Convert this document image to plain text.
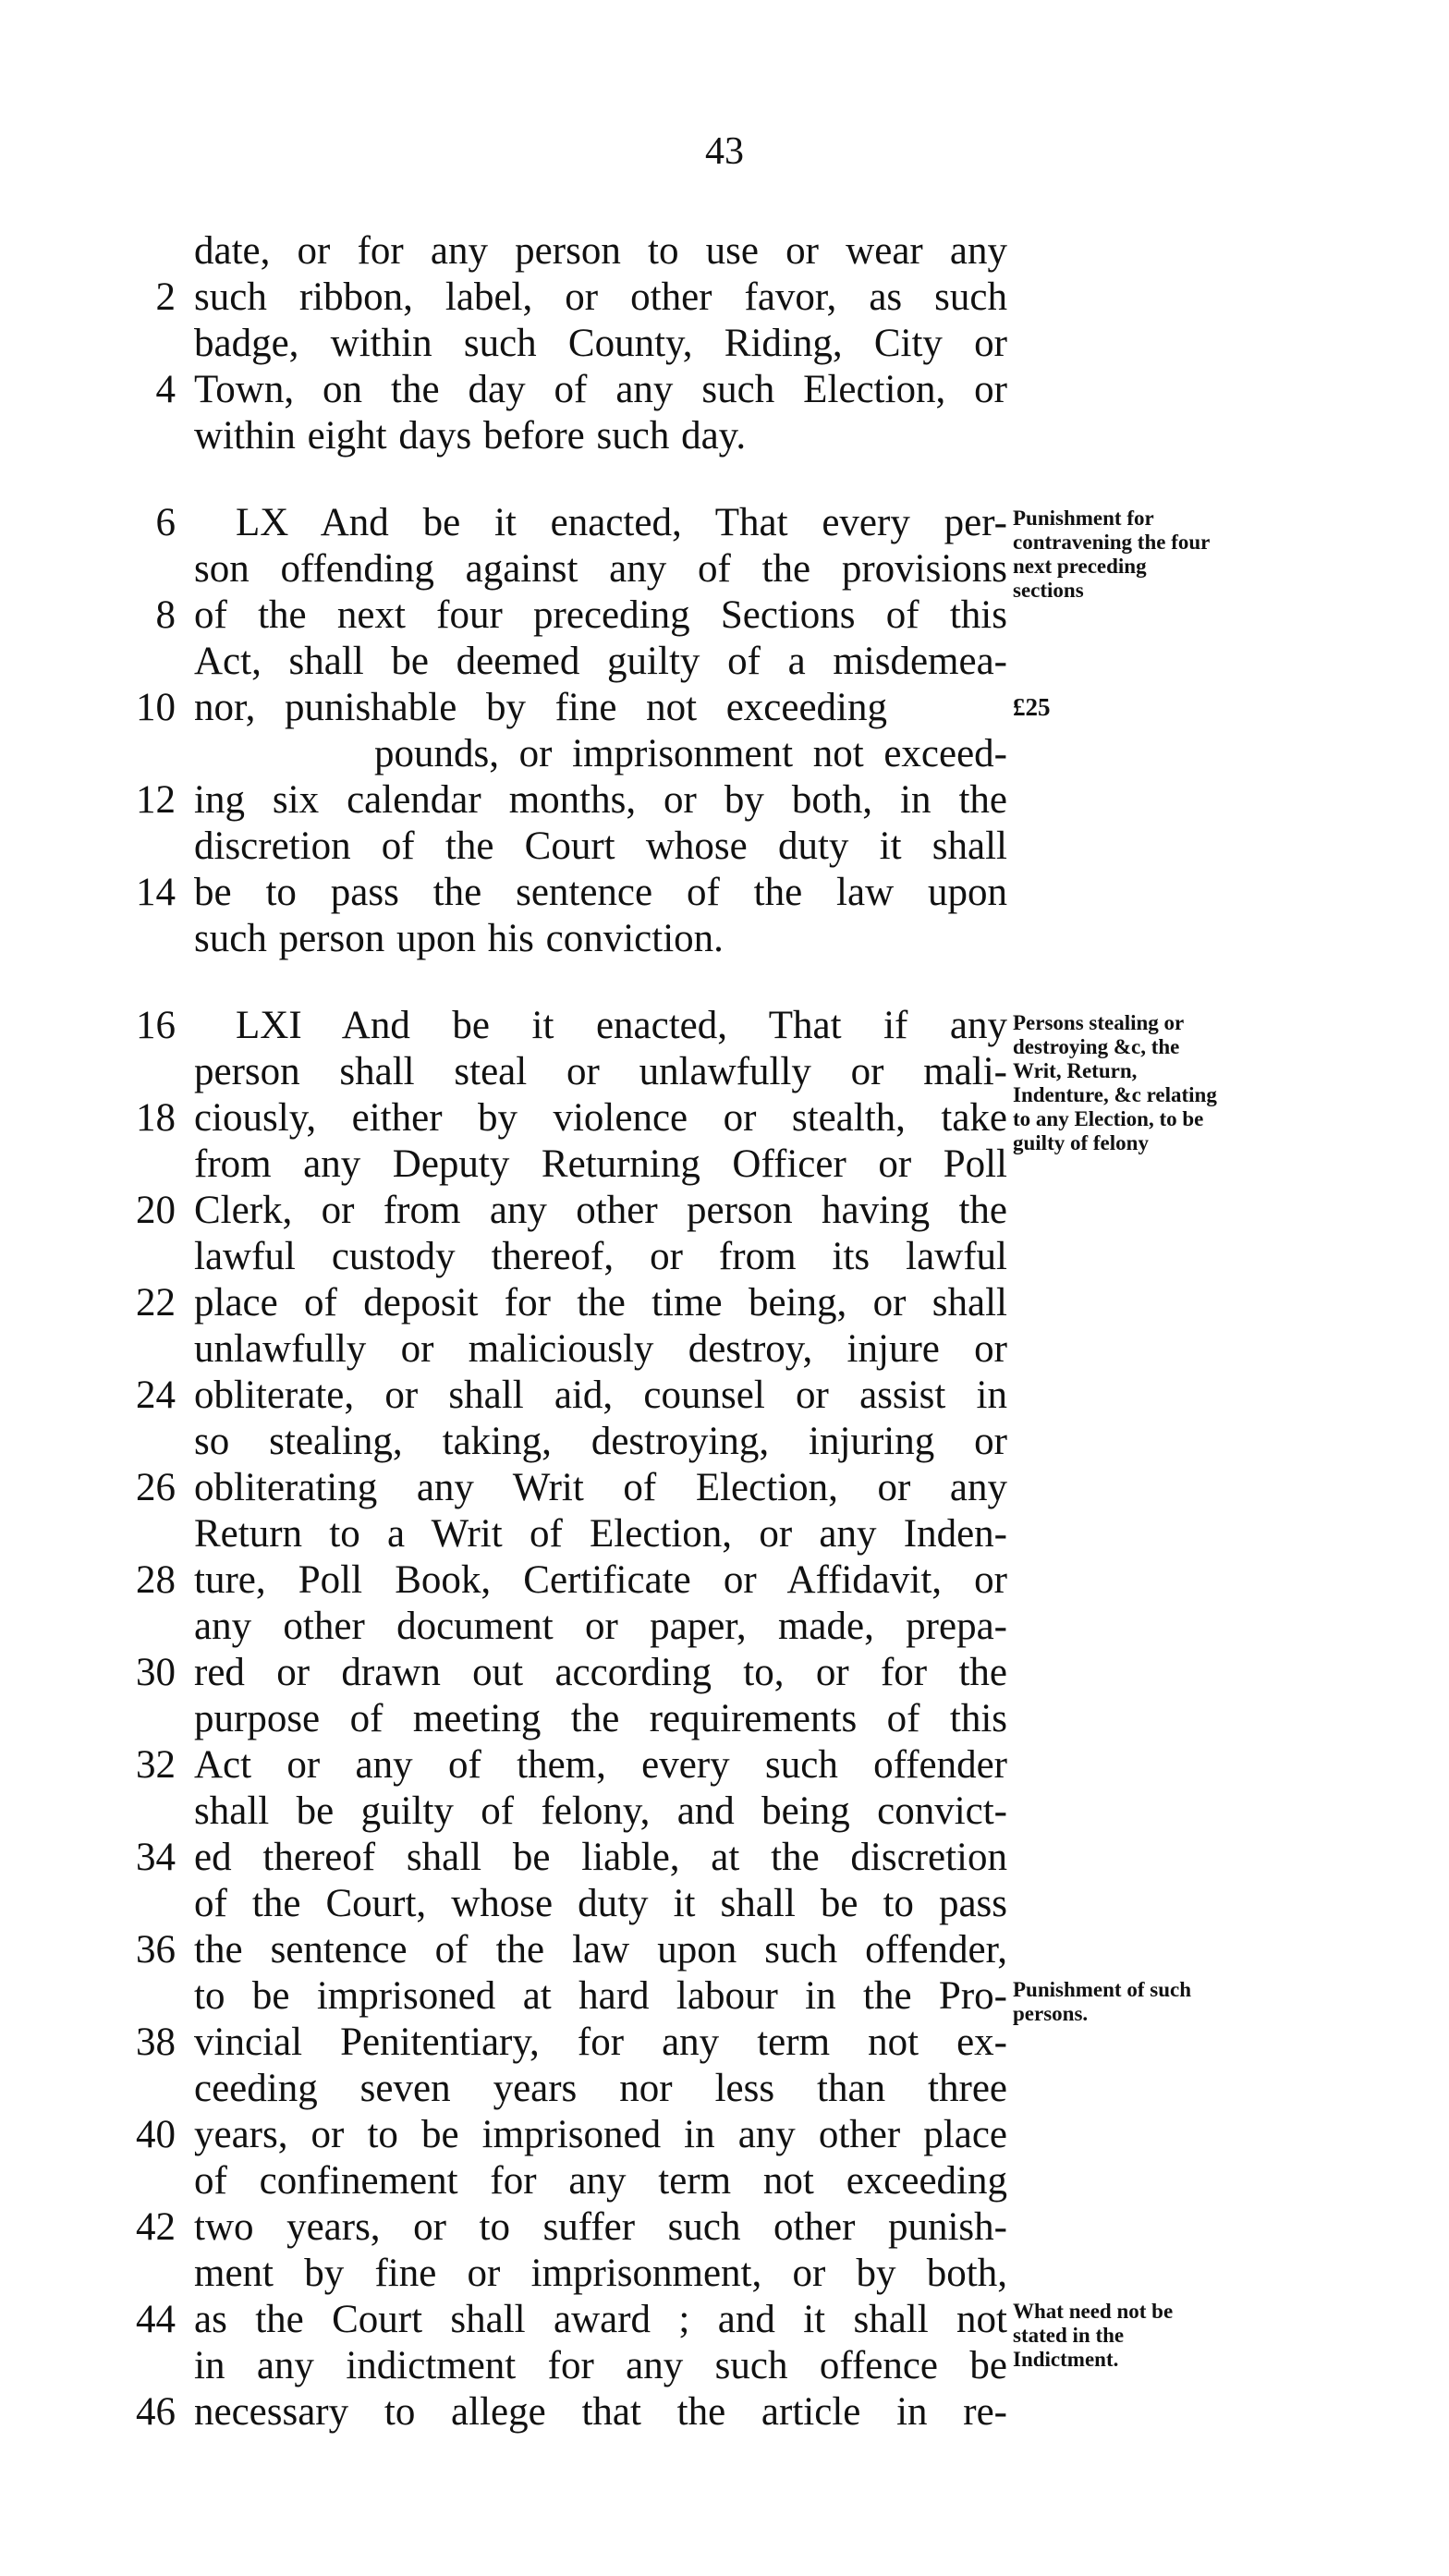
43
date, or for any person to use or wear any
2 such ribbon, label, or other favor, as such
badge, within such County, Riding, City or
4 Town, on the day of any such Election, or
within eight days before such day.
6 LX And be it enacted, That every per-
son offending against any of the provisions
8 of the next four preceding Sections of this
Act, shall be deemed guilty of a misdemea-
10 nor, punishable by fine not exceeding
pounds, or imprisonment not exceed-
12 ing six calendar months, or by both, in the
discretion of the Court whose duty it shall
14 be to pass the sentence of the law upon
such person upon his conviction.
16 LXI And be it enacted, That if any
person shall steal or unlawfully or mali-
18 ciously, either by violence or stealth, take
from any Deputy Returning Officer or Poll
20 Clerk, or from any other person having the
lawful custody thereof, or from its lawful
22 place of deposit for the time being, or shall
unlawfully or maliciously destroy, injure or
24 obliterate, or shall aid, counsel or assist in
so stealing, taking, destroying, injuring or
26 obliterating any Writ of Election, or any
Return to a Writ of Election, or any Inden-
28 ture, Poll Book, Certificate or Affidavit, or
any other document or paper, made, prepa-
30 red or drawn out according to, or for the
purpose of meeting the requirements of this
32 Act or any of them, every such offender
shall be guilty of felony, and being convict-
34 ed thereof shall be liable, at the discretion
of the Court, whose duty it shall be to pass
36 the sentence of the law upon such offender,
to be imprisoned at hard labour in the Pro-
38 vincial Penitentiary, for any term not ex-
ceeding seven years nor less than three
40 years, or to be imprisoned in any other place
of confinement for any term not exceeding
42 two years, or to suffer such other punish-
ment by fine or imprisonment, or by both,
44 as the Court shall award ; and it shall not
in any indictment for any such offence be
46 necessary to allege that the article in re-
Punishment for contravening the four next preceding sections
£25
Persons stealing or destroying &c, the Writ, Return, Indenture, &c relating to any Election, to be guilty of felony
Punishment of such persons.
What need not be stated in the Indictment.
